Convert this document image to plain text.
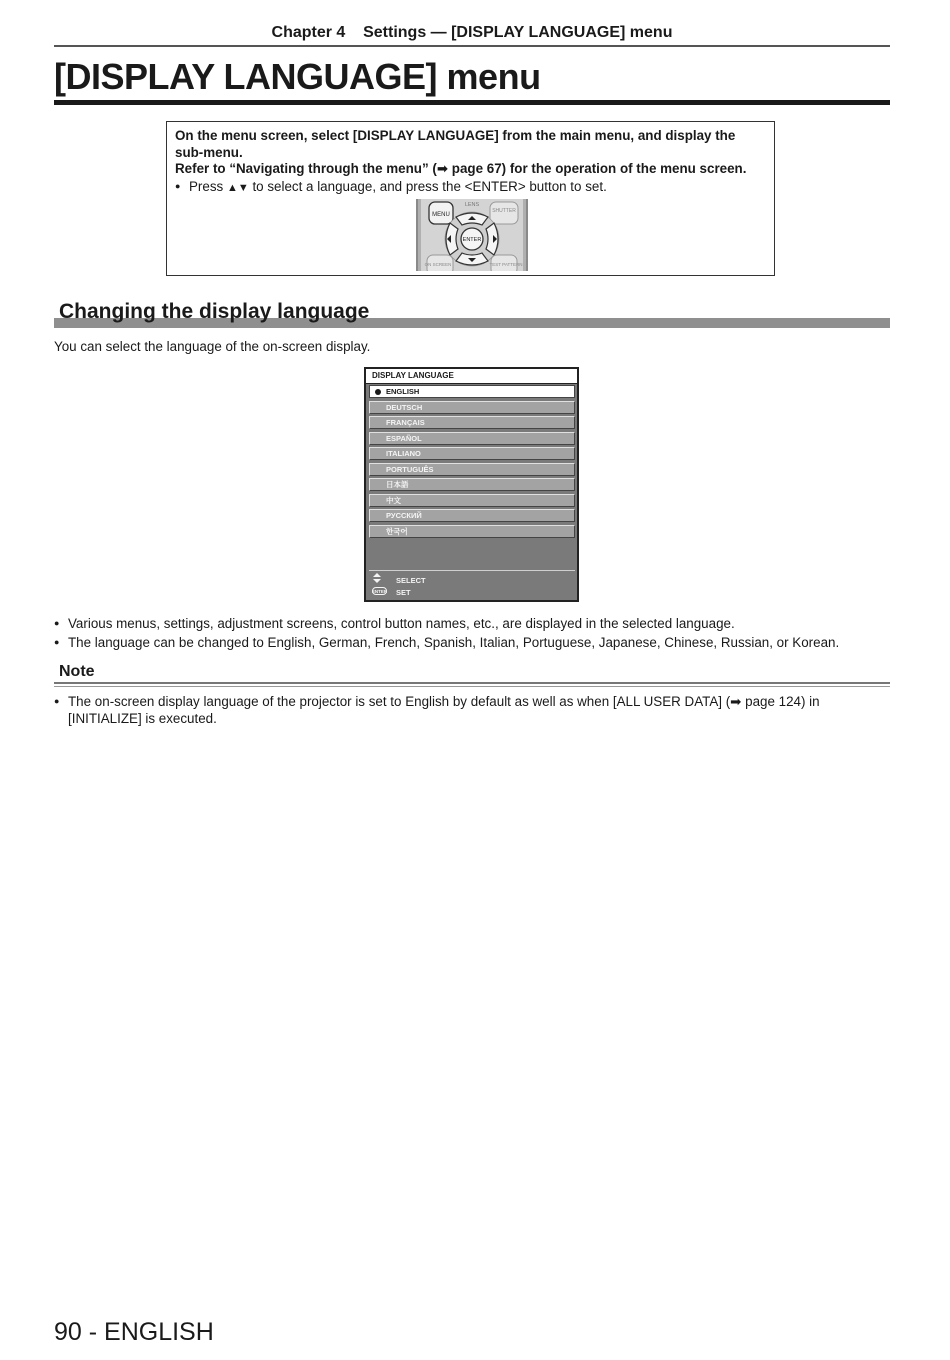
Chapter 4    Settings — [DISPLAY LANGUAGE] menu
[DISPLAY LANGUAGE] menu

On the menu screen, select [DISPLAY LANGUAGE] from the main menu, and display the sub-menu.

Refer to “Navigating through the menu” (➡ page 67) for the operation of the menu screen.

● Press ▲▼ to select a language, and press the <ENTER> button to set.

MENU
LENS
SHUTTER
ENTER
ON SCREEN	TEST PATTERN
Changing the display language

You can select the language of the on-screen display.

DISPLAY LANGUAGE
ENGLISH
DEUTSCH
FRANÇAIS
ESPAÑOL
ITALIANO
PORTUGUÊS
日本語
中文
РУССКИЙ
한국어
SELECT
ENTER SET

● Various menus, settings, adjustment screens, control button names, etc., are displayed in the selected language.

● The language can be changed to English, German, French, Spanish, Italian, Portuguese, Japanese, Chinese, Russian, or Korean.

Note

● The on-screen display language of the projector is set to English by default as well as when [ALL USER DATA] (➡ page 124) in [INITIALIZE] is executed.

90 - ENGLISH
